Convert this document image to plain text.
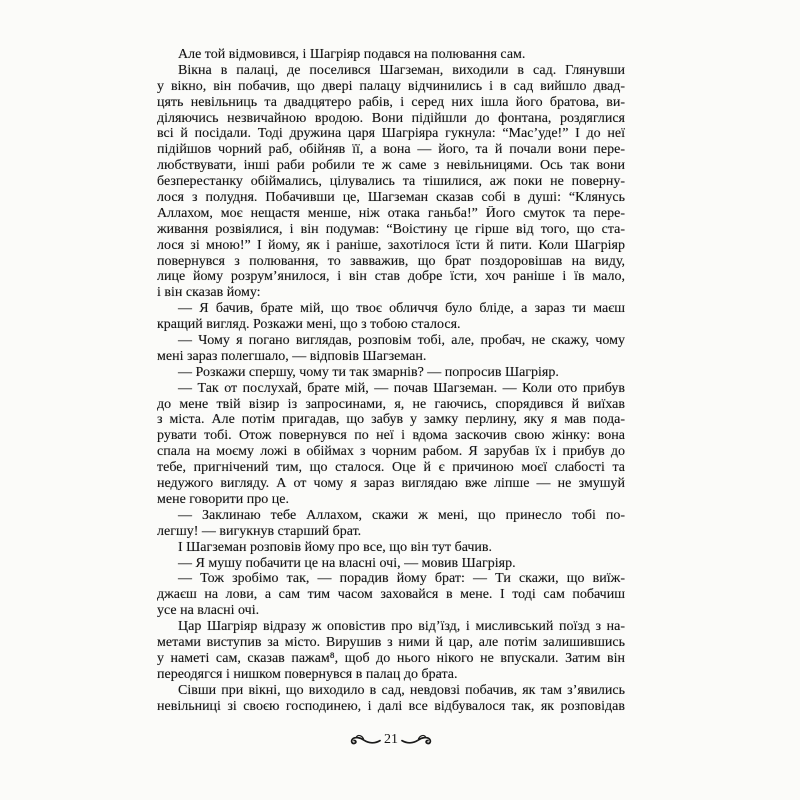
Але той відмовився, і Шагріяр подався на полювання сам.
Вікна в палаці, де поселився Шагземан, виходили в сад. Глянувши
у вікно, він побачив, що двері палацу відчинились і в сад вийшло двад-
цять невільниць та двадцятеро рабів, і серед них ішла його братова, ви-
діляючись незвичайною вродою. Вони підійшли до фонтана, роздяглися
всі й посідали. Тоді дружина царя Шагріяра гукнула: “Мас’уде!” І до неї
підійшов чорний раб, обійняв її, а вона — його, та й почали вони пере-
любствувати, інші раби робили те ж саме з невільницями. Ось так вони
безперестанку обіймались, цілувались та тішилися, аж поки не поверну-
лося з полудня. Побачивши це, Шагземан сказав собі в душі: “Клянусь
Аллахом, моє нещастя менше, ніж отака ганьба!” Його смуток та пере-
живання розвіялися, і він подумав: “Воістину це гірше від того, що ста-
лося зі мною!” І йому, як і раніше, захотілося їсти й пити. Коли Шагріяр
повернувся з полювання, то завважив, що брат поздоровішав на виду,
лице йому розрум’янилося, і він став добре їсти, хоч раніше і їв мало,
і він сказав йому:
— Я бачив, брате мій, що твоє обличчя було бліде, а зараз ти маєш
кращий вигляд. Розкажи мені, що з тобою сталося.
— Чому я погано виглядав, розповім тобі, але, пробач, не скажу, чому
мені зараз полегшало, — відповів Шагземан.
— Розкажи спершу, чому ти так змарнів? — попросив Шагріяр.
— Так от послухай, брате мій, — почав Шагземан. — Коли ото прибув
до мене твій візир із запросинами, я, не гаючись, спорядився й виїхав
з міста. Але потім пригадав, що забув у замку перлину, яку я мав пода-
рувати тобі. Отож повернувся по неї і вдома заскочив свою жінку: вона
спала на моєму ложі в обіймах з чорним рабом. Я зарубав їх і прибув до
тебе, пригнічений тим, що сталося. Оце й є причиною моєї слабості та
недужого вигляду. А от чому я зараз виглядаю вже ліпше — не змушуй
мене говорити про це.
— Заклинаю тебе Аллахом, скажи ж мені, що принесло тобі по-
легшу! — вигукнув старший брат.
І Шагземан розповів йому про все, що він тут бачив.
— Я мушу побачити це на власні очі, — мовив Шагріяр.
— Тож зробімо так, — порадив йому брат: — Ти скажи, що виїж-
джаєш на лови, а сам тим часом заховайся в мене. І тоді сам побачиш
усе на власні очі.
Цар Шагріяр відразу ж оповістив про від’їзд, і мисливський поїзд з на-
метами виступив за місто. Вирушив з ними й цар, але потім залишившись
у наметі сам, сказав пажам⁸, щоб до нього нікого не впускали. Затим він
переодягся і нишком повернувся в палац до брата.
Сівши при вікні, що виходило в сад, невдовзі побачив, як там з’явились
невільниці зі своєю господинею, і далі все відбувалося так, як розповідав
21
